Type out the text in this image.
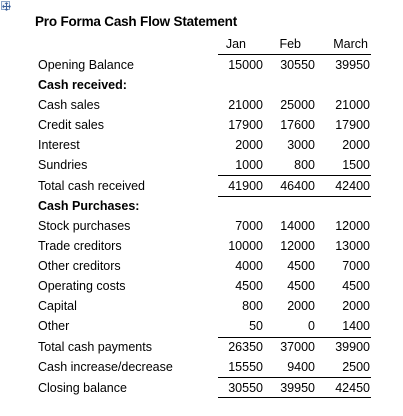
Pro Forma Cash Flow Statement
Jan	Feb	March
Opening Balance	15000	30550	39950
Cash received:
Cash sales	21000	25000	21000
Credit sales	17900	17600	17900
Interest	2000	3000	2000
Sundries	1000	800	1500
Total cash received	41900	46400	42400
Cash Purchases:
Stock purchases	7000	14000	12000
Trade creditors	10000	12000	13000
Other creditors	4000	4500	7000
Operating costs	4500	4500	4500
Capital	800	2000	2000
Other	50	0	1400
Total cash payments	26350	37000	39900
Cash increase/decrease	15550	9400	2500
Closing balance	30550	39950	42450
